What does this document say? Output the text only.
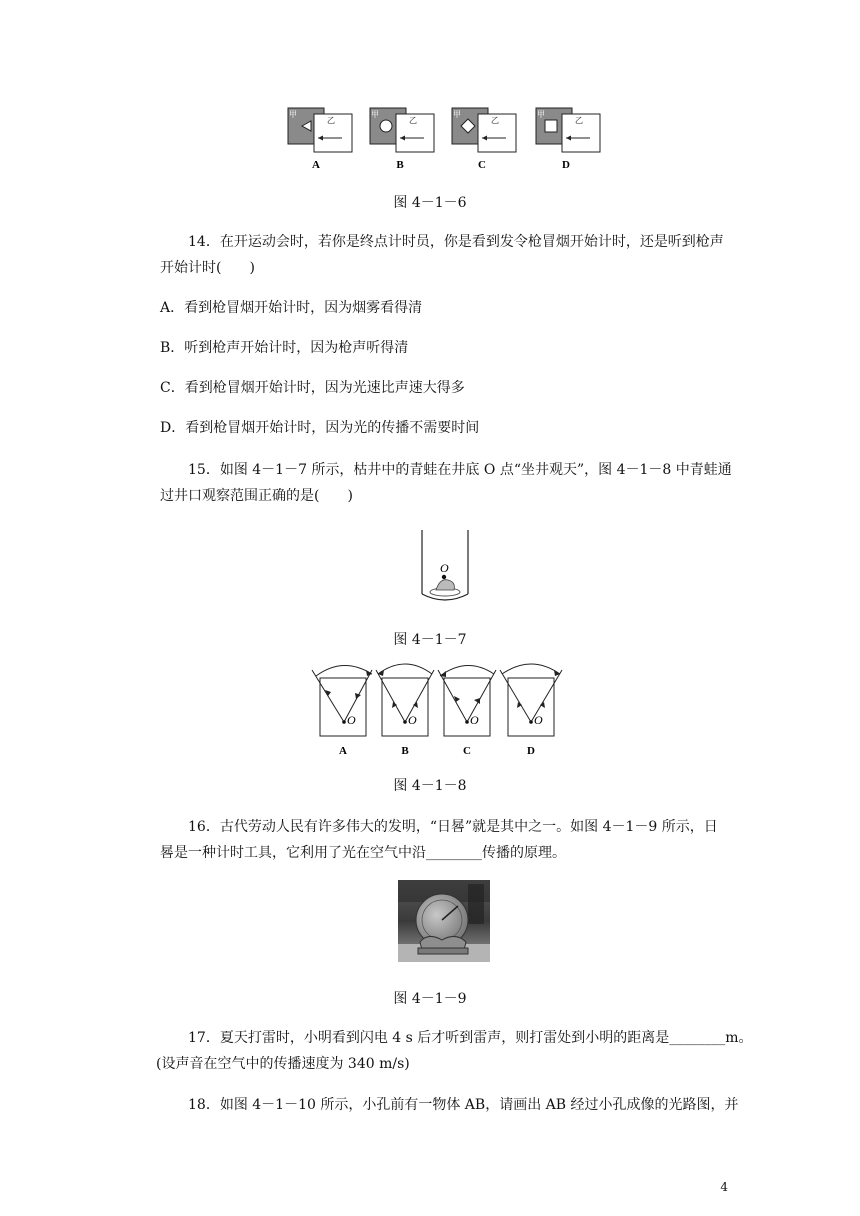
甲	甲	甲	甲
乙	乙	乙	乙
A	B	C	D
图 4－1－6
14．在开运动会时，若你是终点计时员，你是看到发令枪冒烟开始计时，还是听到枪声
开始计时(　　)
A．看到枪冒烟开始计时，因为烟雾看得清
B．听到枪声开始计时，因为枪声听得清
C．看到枪冒烟开始计时，因为光速比声速大得多
D．看到枪冒烟开始计时，因为光的传播不需要时间
15．如图 4－1－7 所示，枯井中的青蛙在井底 O 点“坐井观天”，图 4－1－8 中青蛙通
过井口观察范围正确的是(　　)
O
图 4－1－7
O	O	O	O
A	B	C	D
图 4－1－8
16．古代劳动人民有许多伟大的发明，“日晷”就是其中之一。如图 4－1－9 所示，日
晷是一种计时工具，它利用了光在空气中沿________传播的原理。
图 4－1－9
17．夏天打雷时，小明看到闪电 4 s 后才听到雷声，则打雷处到小明的距离是________m。
(设声音在空气中的传播速度为 340 m/s)
18．如图 4－1－10 所示，小孔前有一物体 AB，请画出 AB 经过小孔成像的光路图，并
4
